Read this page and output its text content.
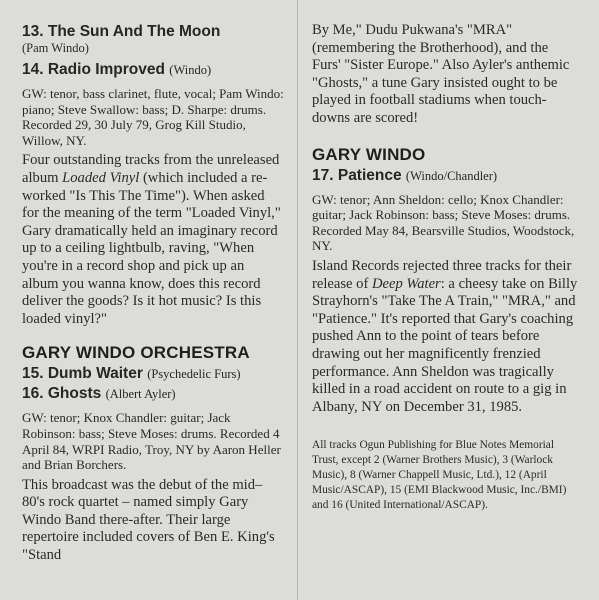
13. The Sun And The Moon

(Pam Windo)

14. Radio Improved (Windo)

GW: tenor, bass clarinet, flute, vocal; Pam Windo: piano; Steve Swallow: bass; D. Sharpe: drums. Recorded 29, 30 July 79, Grog Kill Studio, Willow, NY.

Four outstanding tracks from the unreleased album Loaded Vinyl (which included a re-worked "Is This The Time"). When asked for the meaning of the term "Loaded Vinyl," Gary dramatically held an imaginary record up to a ceiling lightbulb, raving, "When you're in a record shop and pick up an album you wanna know, does this record deliver the goods? Is it hot music? Is this loaded vinyl?"

GARY WINDO ORCHESTRA

15. Dumb Waiter (Psychedelic Furs)

16. Ghosts (Albert Ayler)

GW: tenor; Knox Chandler: guitar; Jack Robinson: bass; Steve Moses: drums. Recorded 4 April 84, WRPI Radio, Troy, NY by Aaron Heller and Brian Borchers.

This broadcast was the debut of the mid–80's rock quartet – named simply Gary Windo Band there-after. Their large repertoire included covers of Ben E. King's "Stand

By Me," Dudu Pukwana's "MRA" (remembering the Brotherhood), and the Furs' "Sister Europe." Also Ayler's anthemic "Ghosts," a tune Gary insisted ought to be played in football stadiums when touch-downs are scored!

GARY WINDO

17. Patience (Windo/Chandler)

GW: tenor; Ann Sheldon: cello; Knox Chandler: guitar; Jack Robinson: bass; Steve Moses: drums. Recorded May 84, Bearsville Studios, Woodstock, NY.

Island Records rejected three tracks for their release of Deep Water: a cheesy take on Billy Strayhorn's "Take The A Train," "MRA," and "Patience." It's reported that Gary's coaching pushed Ann to the point of tears before drawing out her magnificently frenzied performance. Ann Sheldon was tragically killed in a road accident on route to a gig in Albany, NY on December 31, 1985.

All tracks Ogun Publishing for Blue Notes Memorial Trust, except 2 (Warner Brothers Music), 3 (Warlock Music), 8 (Warner Chappell Music, Ltd.), 12 (April Music/ASCAP), 15 (EMI Blackwood Music, Inc./BMI) and 16 (United International/ASCAP).
